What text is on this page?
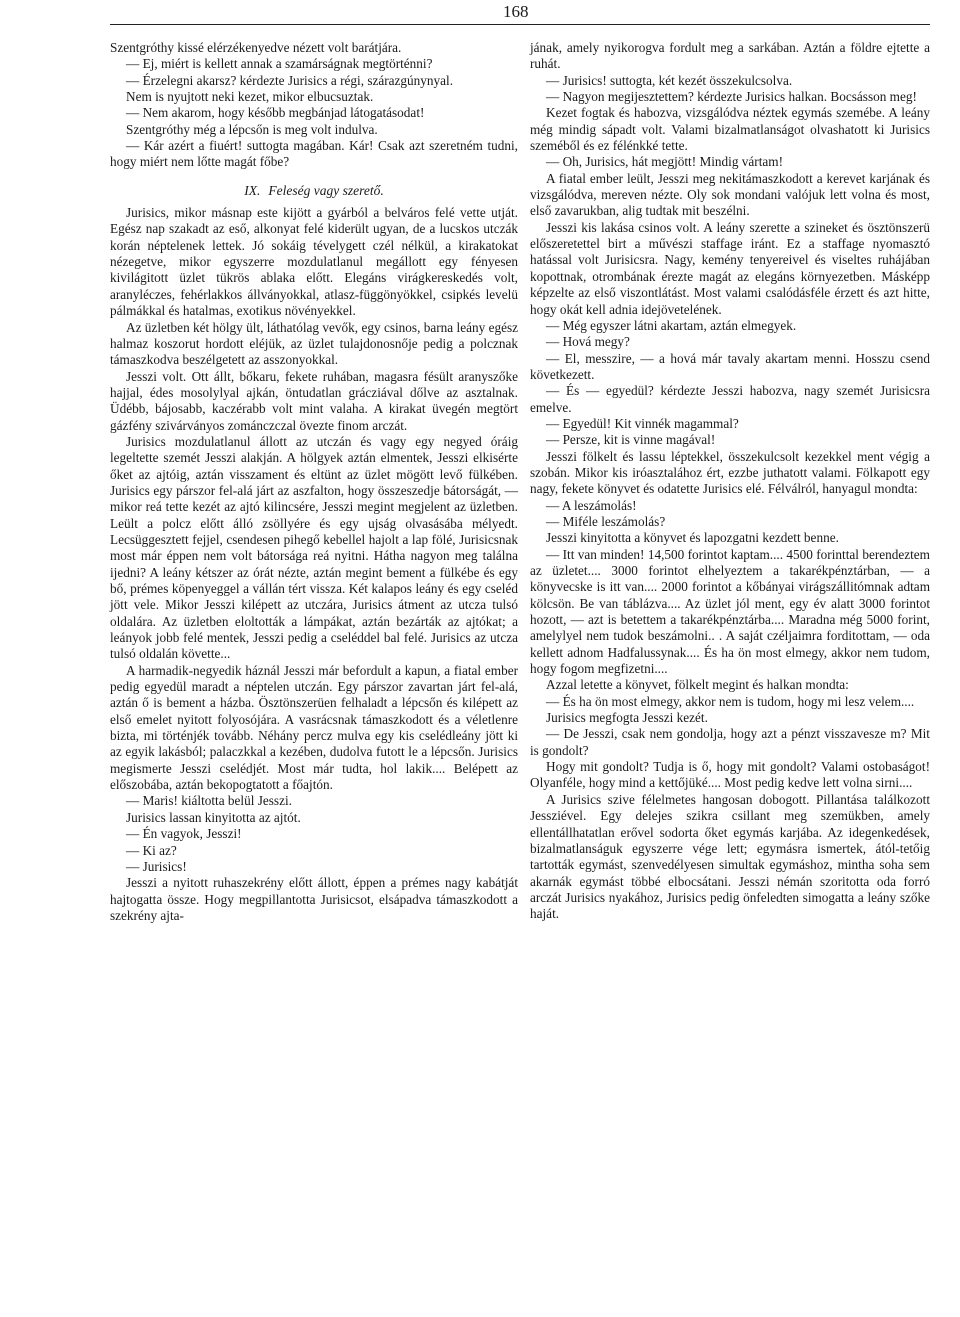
168

Szentgróthy kissé elérzékenyedve nézett volt barátjára.

— Ej, miért is kellett annak a szamárságnak megtörténni?

— Érzelegni akarsz? kérdezte Jurisics a régi, szárazgúnynyal.

Nem is nyujtott neki kezet, mikor elbucsuztak.

— Nem akarom, hogy később megbánjad látogatásodat!

Szentgróthy még a lépcsőn is meg volt indulva.

— Kár azért a fiuért! suttogta magában. Kár! Csak azt szeretném tudni, hogy miért nem lőtte magát főbe?

IX. Feleség vagy szerető.

Jurisics, mikor másnap este kijött a gyárból a belváros felé vette utját. Egész nap szakadt az eső, alkonyat felé kiderült ugyan, de a lucskos utczák korán néptelenek lettek. Jó sokáig tévelygett czél nélkül, a kirakatokat nézegetve, mikor egyszerre mozdulatlanul megállott egy fényesen kivilágitott üzlet tükrös ablaka előtt. Elegáns virágkereskedés volt, aranyléczes, fehérlakkos állványokkal, atlasz-függönyökkel, csipkés levelü pálmákkal és hatalmas, exotikus növényekkel.

Az üzletben két hölgy ült, láthatólag vevők, egy csinos, barna leány egész halmaz koszorut hordott eléjük, az üzlet tulajdonosnője pedig a polcznak támaszkodva beszélgetett az asszonyokkal.

Jesszi volt. Ott állt, bőkaru, fekete ruhában, magasra fésült aranyszőke hajjal, édes mosolylyal ajkán, öntudatlan grácziával dőlve az asztalnak. Üdébb, bájosabb, kaczérabb volt mint valaha. A kirakat üvegén megtört gázfény szivárványos zománczczal övezte finom arczát.

Jurisics mozdulatlanul állott az utczán és vagy egy negyed óráig legeltette szemét Jesszi alakján. A hölgyek aztán elmentek, Jesszi elkisérte őket az ajtóig, aztán visszament és eltünt az üzlet mögött levő fülkében. Jurisics egy párszor fel-alá járt az aszfalton, hogy összeszedje bátorságát, — mikor reá tette kezét az ajtó kilincsére, Jesszi megint megjelent az üzletben. Leült a polcz előtt álló zsöllyére és egy ujság olvasásába mélyedt. Lecsüggesztett fejjel, csendesen pihegő kebellel hajolt a lap fölé, Jurisicsnak most már éppen nem volt bátorsága reá nyitni. Hátha nagyon meg találna ijedni? A leány kétszer az órát nézte, aztán megint bement a fülkébe és egy bő, prémes köpenyeggel a vállán tért vissza. Két kalapos leány és egy cseléd jött vele. Mikor Jesszi kilépett az utczára, Jurisics átment az utcza tulsó oldalára. Az üzletben eloltották a lámpákat, aztán bezárták az ajtókat; a leányok jobb felé mentek, Jesszi pedig a cseléddel bal felé. Jurisics az utcza tulsó oldalán követte...

A harmadik-negyedik háznál Jesszi már befordult a kapun, a fiatal ember pedig egyedül maradt a néptelen utczán. Egy párszor zavartan járt fel-alá, aztán ő is bement a házba. Ösztönszerüen felhaladt a lépcsőn és kilépett az első emelet nyitott folyosójára. A vasrácsnak támaszkodott és a véletlenre bizta, mi történjék tovább. Néhány percz mulva egy kis cselédleány jött ki az egyik lakásból; palaczkkal a kezében, dudolva futott le a lépcsőn. Jurisics megismerte Jesszi cselédjét. Most már tudta, hol lakik.... Belépett az előszobába, aztán bekopogtatott a főajtón.

— Maris! kiáltotta belül Jesszi.

Jurisics lassan kinyitotta az ajtót.

— Én vagyok, Jesszi!

— Ki az?

— Jurisics!

Jesszi a nyitott ruhaszekrény előtt állott, éppen a prémes nagy kabátját hajtogatta össze. Hogy megpillantotta Jurisicsot, elsápadva támaszkodott a szekrény ajta-

jának, amely nyikorogva fordult meg a sarkában. Aztán a földre ejtette a ruhát.

— Jurisics! suttogta, két kezét összekulcsolva.

— Nagyon megijesztettem? kérdezte Jurisics halkan. Bocsásson meg!

Kezet fogtak és habozva, vizsgálódva néztek egymás szemébe. A leány még mindig sápadt volt. Valami bizalmatlanságot olvashatott ki Jurisics szeméből és ez félénkké tette.

— Oh, Jurisics, hát megjött! Mindig vártam!

A fiatal ember leült, Jesszi meg nekitámaszkodott a kerevet karjának és vizsgálódva, mereven nézte. Oly sok mondani valójuk lett volna és most, első zavarukban, alig tudtak mit beszélni.

Jesszi kis lakása csinos volt. A leány szerette a szineket és ösztönszerü előszeretettel birt a művészi staffage iránt. Ez a staffage nyomasztó hatással volt Jurisicsra. Nagy, kemény tenyereivel és viseltes ruhájában kopottnak, otrombának érezte magát az elegáns környezetben. Másképp képzelte az első viszontlátást. Most valami csalódásféle érzett és azt hitte, hogy okát kell adnia idejövetelének.

— Még egyszer látni akartam, aztán elmegyek.

— Hová megy?

— El, messzire, — a hová már tavaly akartam menni. Hosszu csend következett.

— És — egyedül? kérdezte Jesszi habozva, nagy szemét Jurisicsra emelve.

— Egyedül! Kit vinnék magammal?

— Persze, kit is vinne magával!

Jesszi fölkelt és lassu léptekkel, összekulcsolt kezekkel ment végig a szobán. Mikor kis iróasztalához ért, ezzbe juthatott valami. Fölkapott egy nagy, fekete könyvet és odatette Jurisics elé. Félválról, hanyagul mondta:

— A leszámolás!

— Miféle leszámolás?

Jesszi kinyitotta a könyvet és lapozgatni kezdett benne.

— Itt van minden! 14,500 forintot kaptam.... 4500 forinttal berendeztem az üzletet.... 3000 forintot elhelyeztem a takarékpénztárban, — a könyvecske is itt van.... 2000 forintot a kőbányai virágszállitómnak adtam kölcsön. Be van táblázva.... Az üzlet jól ment, egy év alatt 3000 forintot hozott, — azt is betettem a takarékpénztárba.... Maradna még 5000 forint, amelylyel nem tudok beszámolni.. . A saját czéljaimra forditottam, — oda kellett adnom Hadfalussynak.... És ha ön most elmegy, akkor nem tudom, hogy fogom megfizetni....

Azzal letette a könyvet, fölkelt megint és halkan mondta:

— És ha ön most elmegy, akkor nem is tudom, hogy mi lesz velem....

Jurisics megfogta Jesszi kezét.

— De Jesszi, csak nem gondolja, hogy azt a pénzt visszavesze m? Mit is gondolt?

Hogy mit gondolt? Tudja is ő, hogy mit gondolt? Valami ostobaságot! Olyanféle, hogy mind a kettőjüké.... Most pedig kedve lett volna sirni....

A Jurisics szive félelmetes hangosan dobogott. Pillantása találkozott Jessziével. Egy delejes szikra csillant meg szemükben, amely ellentállhatatlan erővel sodorta őket egymás karjába. Az idegenkedések, bizalmatlanságuk egyszerre vége lett; egymásra ismertek, ától-tetőig tartották egymást, szenvedélyesen simultak egymáshoz, mintha soha sem akarnák egymást többé elbocsátani. Jesszi némán szoritotta oda forró arczát Jurisics nyakához, Jurisics pedig önfeledten simogatta a leány szőke haját.
